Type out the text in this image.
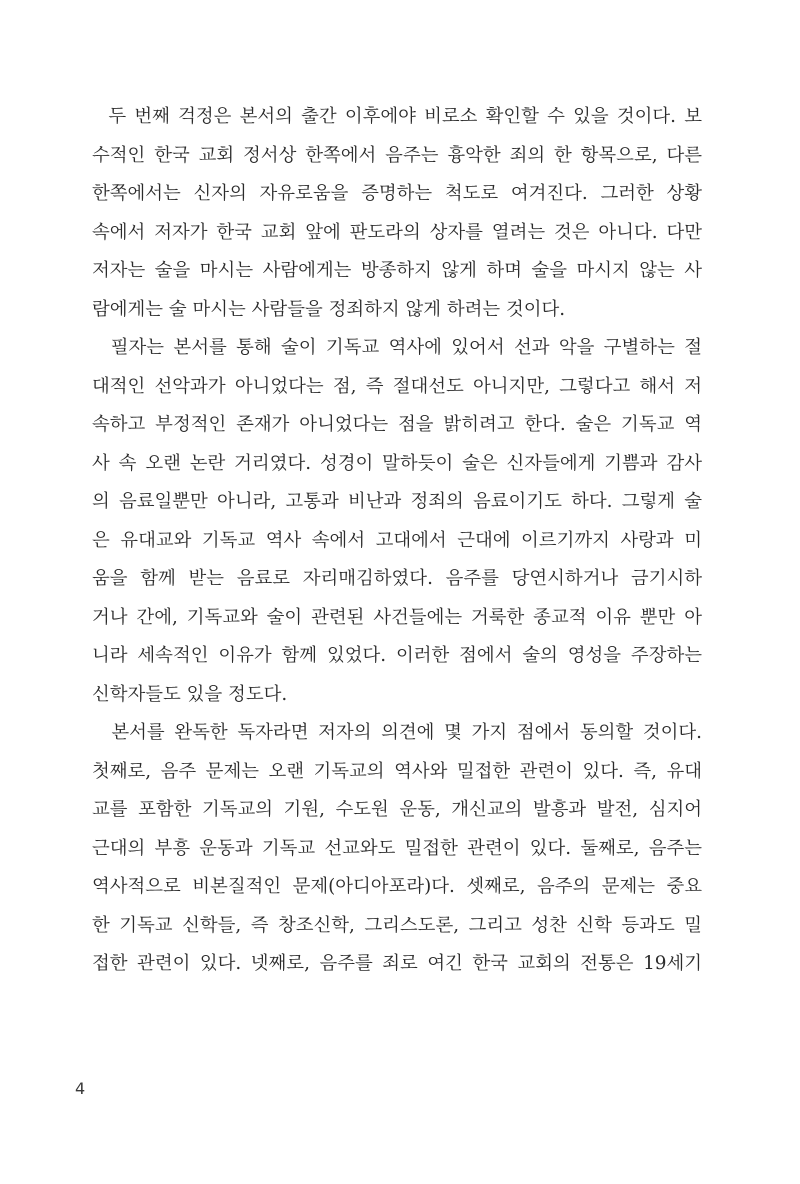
두 번째 걱정은 본서의 출간 이후에야 비로소 확인할 수 있을 것이다. 보
수적인 한국 교회 정서상 한쪽에서 음주는 흉악한 죄의 한 항목으로, 다른
한쪽에서는 신자의 자유로움을 증명하는 척도로 여겨진다. 그러한 상황
속에서 저자가 한국 교회 앞에 판도라의 상자를 열려는 것은 아니다. 다만
저자는 술을 마시는 사람에게는 방종하지 않게 하며 술을 마시지 않는 사
람에게는 술 마시는 사람들을 정죄하지 않게 하려는 것이다.
필자는 본서를 통해 술이 기독교 역사에 있어서 선과 악을 구별하는 절
대적인 선악과가 아니었다는 점, 즉 절대선도 아니지만, 그렇다고 해서 저
속하고 부정적인 존재가 아니었다는 점을 밝히려고 한다. 술은 기독교 역
사 속 오랜 논란 거리였다. 성경이 말하듯이 술은 신자들에게 기쁨과 감사
의 음료일뿐만 아니라, 고통과 비난과 정죄의 음료이기도 하다. 그렇게 술
은 유대교와 기독교 역사 속에서 고대에서 근대에 이르기까지 사랑과 미
움을 함께 받는 음료로 자리매김하였다. 음주를 당연시하거나 금기시하
거나 간에, 기독교와 술이 관련된 사건들에는 거룩한 종교적 이유 뿐만 아
니라 세속적인 이유가 함께 있었다. 이러한 점에서 술의 영성을 주장하는
신학자들도 있을 정도다.
본서를 완독한 독자라면 저자의 의견에 몇 가지 점에서 동의할 것이다.
첫째로, 음주 문제는 오랜 기독교의 역사와 밀접한 관련이 있다. 즉, 유대
교를 포함한 기독교의 기원, 수도원 운동, 개신교의 발흥과 발전, 심지어
근대의 부흥 운동과 기독교 선교와도 밀접한 관련이 있다. 둘째로, 음주는
역사적으로 비본질적인 문제(아디아포라)다. 셋째로, 음주의 문제는 중요
한 기독교 신학들, 즉 창조신학, 그리스도론, 그리고 성찬 신학 등과도 밀
접한 관련이 있다. 넷째로, 음주를 죄로 여긴 한국 교회의 전통은 19세기
4
